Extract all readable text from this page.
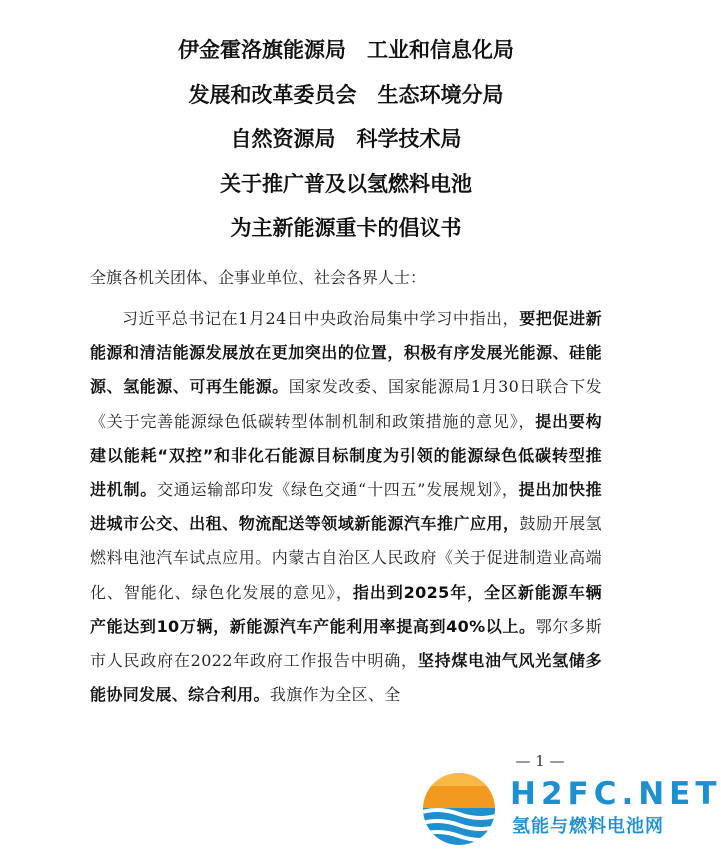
伊金霍洛旗能源局　工业和信息化局
发展和改革委员会　生态环境分局
自然资源局　科学技术局
关于推广普及以氢燃料电池
为主新能源重卡的倡议书
全旗各机关团体、企事业单位、社会各界人士：
习近平总书记在1月24日中央政治局集中学习中指出，要把促进新能源和清洁能源发展放在更加突出的位置，积极有序发展光能源、硅能源、氢能源、可再生能源。国家发改委、国家能源局1月30日联合下发《关于完善能源绿色低碳转型体制机制和政策措施的意见》，提出要构建以能耗“双控”和非化石能源目标制度为引领的能源绿色低碳转型推进机制。交通运输部印发《绿色交通“十四五”发展规划》，提出加快推进城市公交、出租、物流配送等领域新能源汽车推广应用，鼓励开展氢燃料电池汽车试点应用。内蒙古自治区人民政府《关于促进制造业高端化、智能化、绿色化发展的意见》，指出到2025年，全区新能源车辆产能达到10万辆，新能源汽车产能利用率提高到40%以上。鄂尔多斯市人民政府在2022年政府工作报告中明确，坚持煤电油气风光氢储多能协同发展、综合利用。我旗作为全区、全
— 1 —
H2FC.NET
氢能与燃料电池网
